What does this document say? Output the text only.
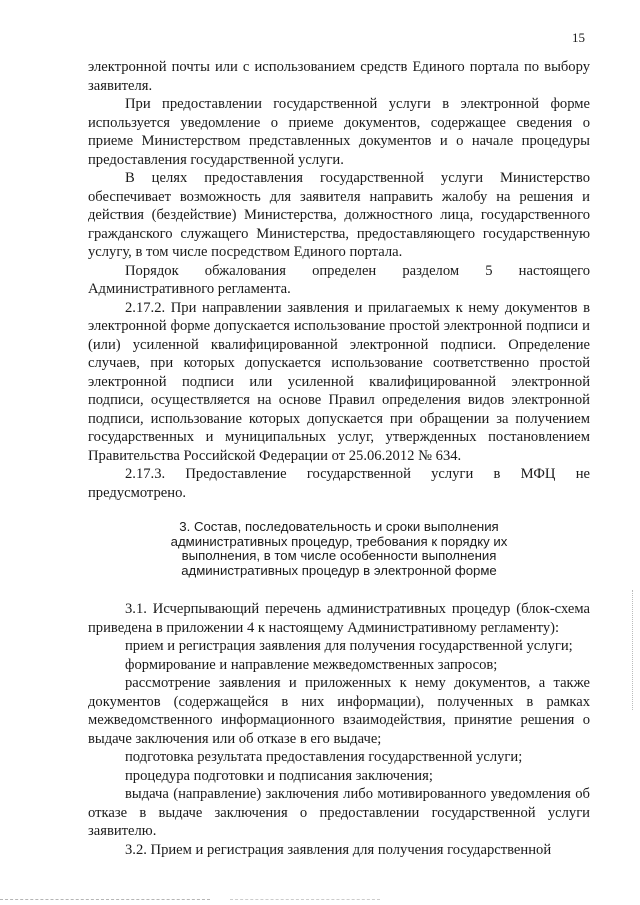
15

электронной почты или с использованием средств Единого портала по выбору заявителя.

При предоставлении государственной услуги в электронной форме используется уведомление о приеме документов, содержащее сведения о приеме Министерством представленных документов и о начале процедуры предоставления государственной услуги.

В целях предоставления государственной услуги Министерство обеспечивает возможность для заявителя направить жалобу на решения и действия (бездействие) Министерства, должностного лица, государственного гражданского служащего Министерства, предоставляющего государственную услугу, в том числе посредством Единого портала.

Порядок обжалования определен разделом 5 настоящего Административного регламента.

2.17.2. При направлении заявления и прилагаемых к нему документов в электронной форме допускается использование простой электронной подписи и (или) усиленной квалифицированной электронной подписи. Определение случаев, при которых допускается использование соответственно простой электронной подписи или усиленной квалифицированной электронной подписи, осуществляется на основе Правил определения видов электронной подписи, использование которых допускается при обращении за получением государственных и муниципальных услуг, утвержденных постановлением Правительства Российской Федерации от 25.06.2012 № 634.

2.17.3. Предоставление государственной услуги в МФЦ не предусмотрено.

3. Состав, последовательность и сроки выполнения
административных процедур, требования к порядку их
выполнения, в том числе особенности выполнения
административных процедур в электронной форме

3.1. Исчерпывающий перечень административных процедур (блок-схема приведена в приложении 4 к настоящему Административному регламенту):

прием и регистрация заявления для получения государственной услуги;

формирование и направление межведомственных запросов;

рассмотрение заявления и приложенных к нему документов, а также документов (содержащейся в них информации), полученных в рамках межведомственного информационного взаимодействия, принятие решения о выдаче заключения или об отказе в его выдаче;

подготовка результата предоставления государственной услуги;

процедура подготовки и подписания заключения;

выдача (направление) заключения либо мотивированного уведомления об отказе в выдаче заключения о предоставлении государственной услуги заявителю.

3.2. Прием и регистрация заявления для получения государственной
